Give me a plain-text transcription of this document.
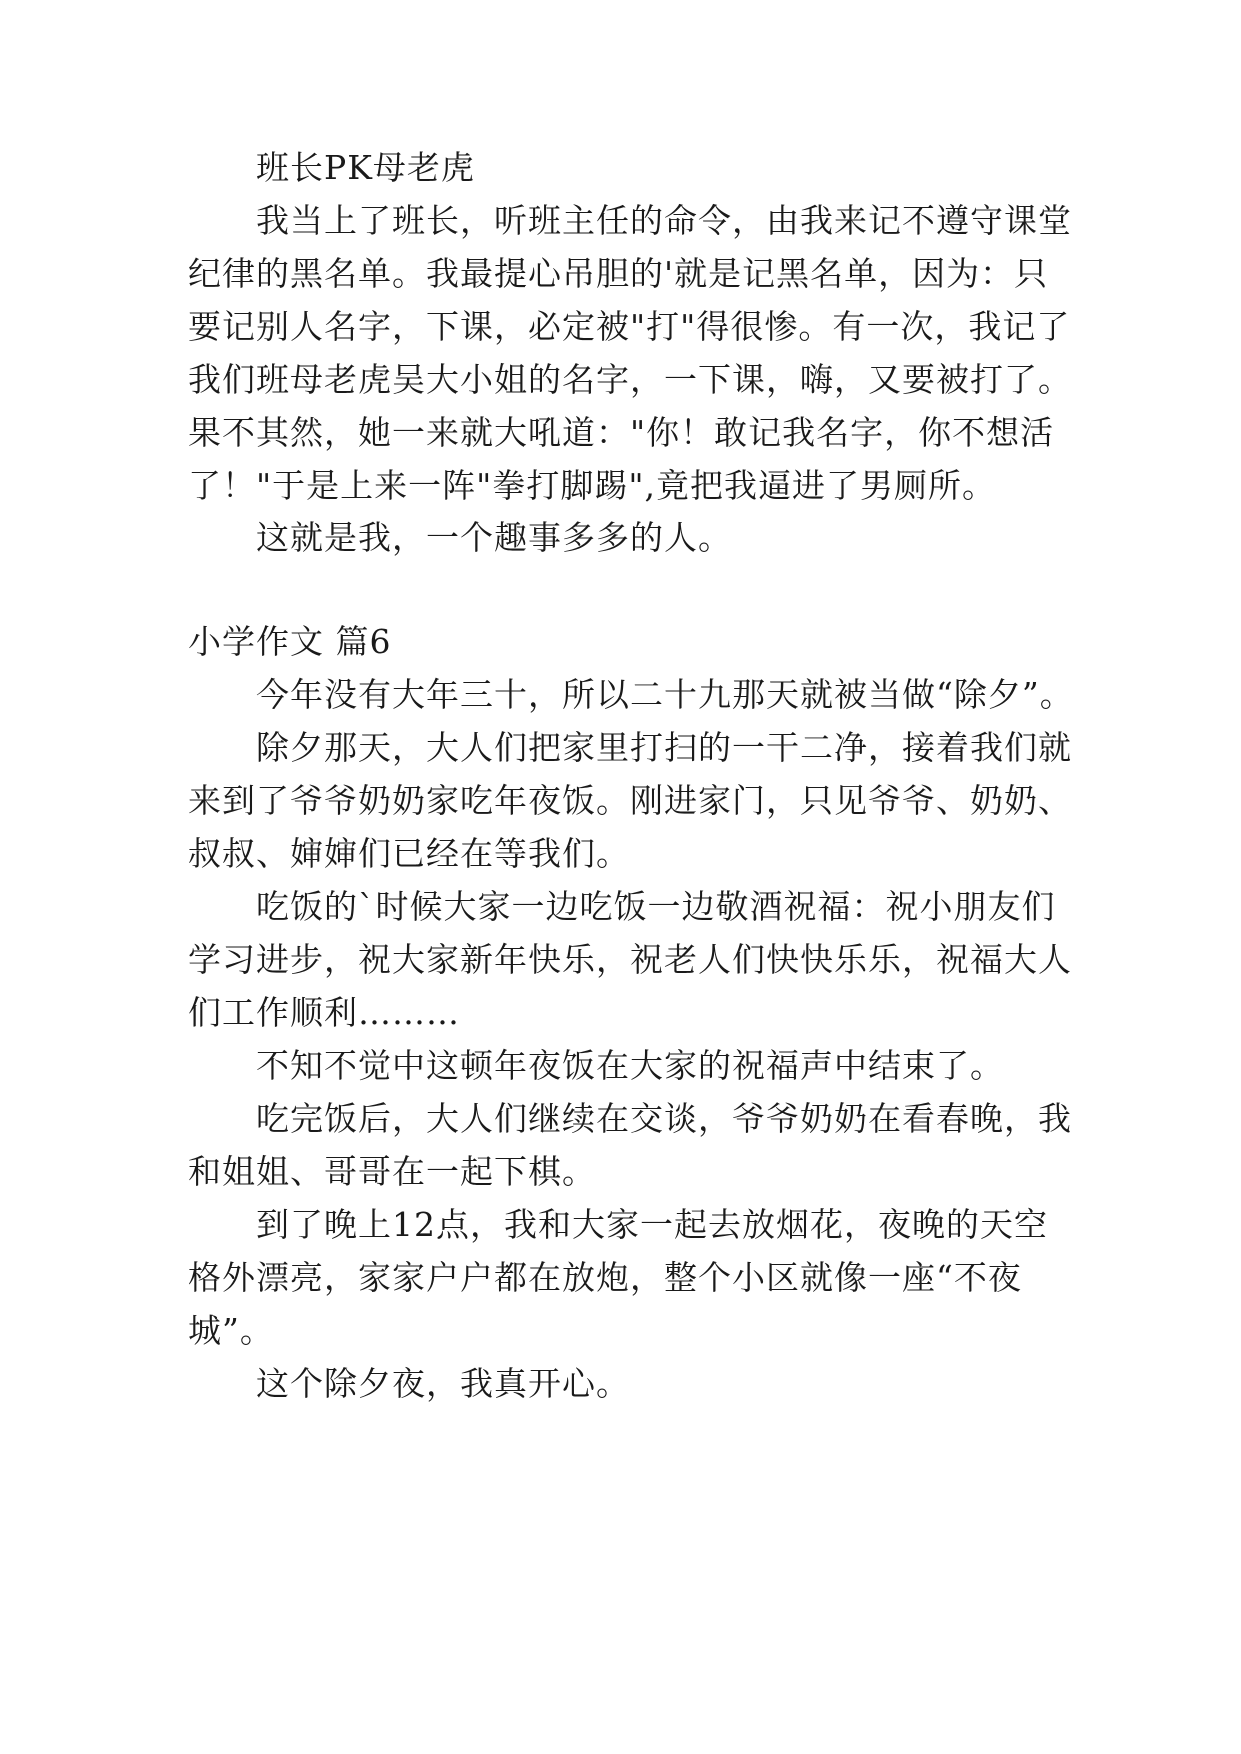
班长PK母老虎
我当上了班长，听班主任的命令，由我来记不遵守课堂
纪律的黑名单。我最提心吊胆的'就是记黑名单，因为：只
要记别人名字，下课，必定被"打"得很惨。有一次，我记了
我们班母老虎吴大小姐的名字，一下课，嗨，又要被打了。
果不其然，她一来就大吼道："你！敢记我名字，你不想活
了！"于是上来一阵"拳打脚踢",竟把我逼进了男厕所。
这就是我，一个趣事多多的人。
小学作文 篇6
今年没有大年三十，所以二十九那天就被当做“除夕”。
除夕那天，大人们把家里打扫的一干二净，接着我们就
来到了爷爷奶奶家吃年夜饭。刚进家门，只见爷爷、奶奶、
叔叔、婶婶们已经在等我们。
吃饭的`时候大家一边吃饭一边敬酒祝福：祝小朋友们
学习进步，祝大家新年快乐，祝老人们快快乐乐，祝福大人
们工作顺利………
不知不觉中这顿年夜饭在大家的祝福声中结束了。
吃完饭后，大人们继续在交谈，爷爷奶奶在看春晚，我
和姐姐、哥哥在一起下棋。
到了晚上12点，我和大家一起去放烟花，夜晚的天空
格外漂亮，家家户户都在放炮，整个小区就像一座“不夜
城”。
这个除夕夜，我真开心。
